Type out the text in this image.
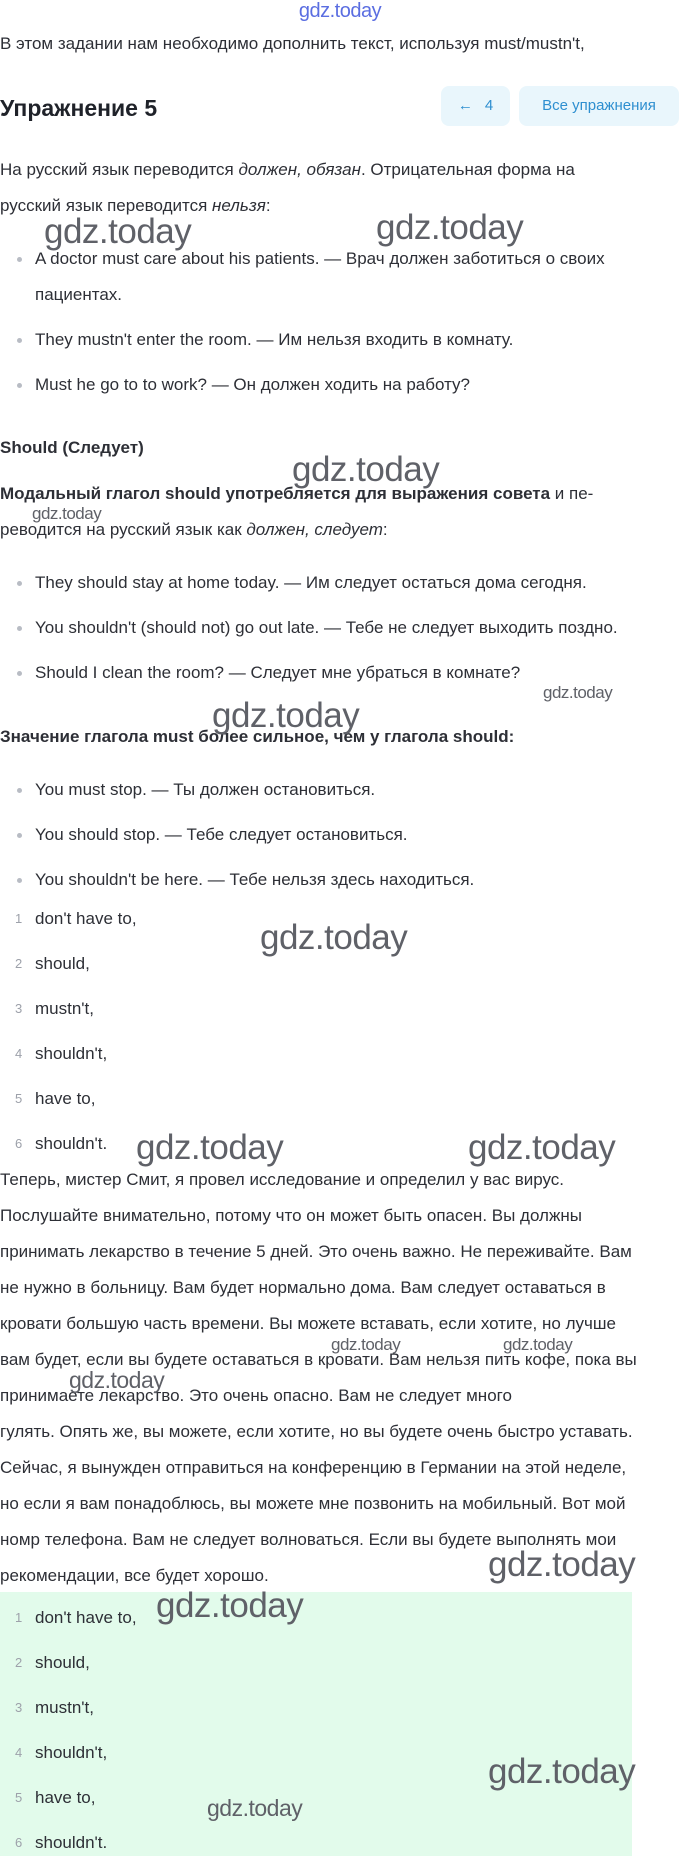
gdz.today

В этом задании нам необходимо дополнить текст, используя must/mustn't,

Упражнение 5	← 4	Все упражнения

На русский язык переводится должен, обязан. Отрицательная форма на
русский язык переводится нельзя:

A doctor must care about his patients. — Врач должен заботиться о своих пациентах.
They mustn't enter the room. — Им нельзя входить в комнату.
Must he go to to work? — Он должен ходить на работу?
Should (Следует)

Модальный глагол should употребляется для выражения совета и пе-
реводится на русский язык как должен, следует:

They should stay at home today. — Им следует остаться дома сегодня.
You shouldn't (should not) go out late. — Тебе не следует выходить поздно.
Should I clean the room? — Следует мне убраться в комнате?

Значение глагола must более сильное, чем у глагола should:

You must stop. — Ты должен остановиться.
You should stop. — Тебе следует остановиться.
You shouldn't be here. — Тебе нельзя здесь находиться.
1 don't have to,
2 should,
3 mustn't,
4 shouldn't,
5 have to,
6 shouldn't.

Теперь, мистер Смит, я провел исследование и определил у вас вирус.
Послушайте внимательно, потому что он может быть опасен. Вы должны
принимать лекарство в течение 5 дней. Это очень важно. Не переживайте. Вам
не нужно в больницу. Вам будет нормально дома. Вам следует оставаться в
кровати большую часть времени. Вы можете вставать, если хотите, но лучше
вам будет, если вы будете оставаться в кровати. Вам нельзя пить кофе, пока вы
принимаете лекарство. Это очень опасно. Вам не следует много
гулять. Опять же, вы можете, если хотите, но вы будете очень быстро уставать.
Сейчас, я вынужден отправиться на конференцию в Германии на этой неделе,
но если я вам понадоблюсь, вы можете мне позвонить на мобильный. Вот мой
номр телефона. Вам не следует волноваться. Если вы будете выполнять мои
рекомендации, все будет хорошо.

1 don't have to,
2 should,
3 mustn't,
4 shouldn't,
5 have to,
6 shouldn't.
gdz.today	gdz.today
gdz.today
gdz.today
gdz.today
gdz.today
gdz.today
gdz.today	gdz.today
gdz.today	gdz.today
gdz.today
gdz.today
gdz.today
gdz.today
gdz.today
